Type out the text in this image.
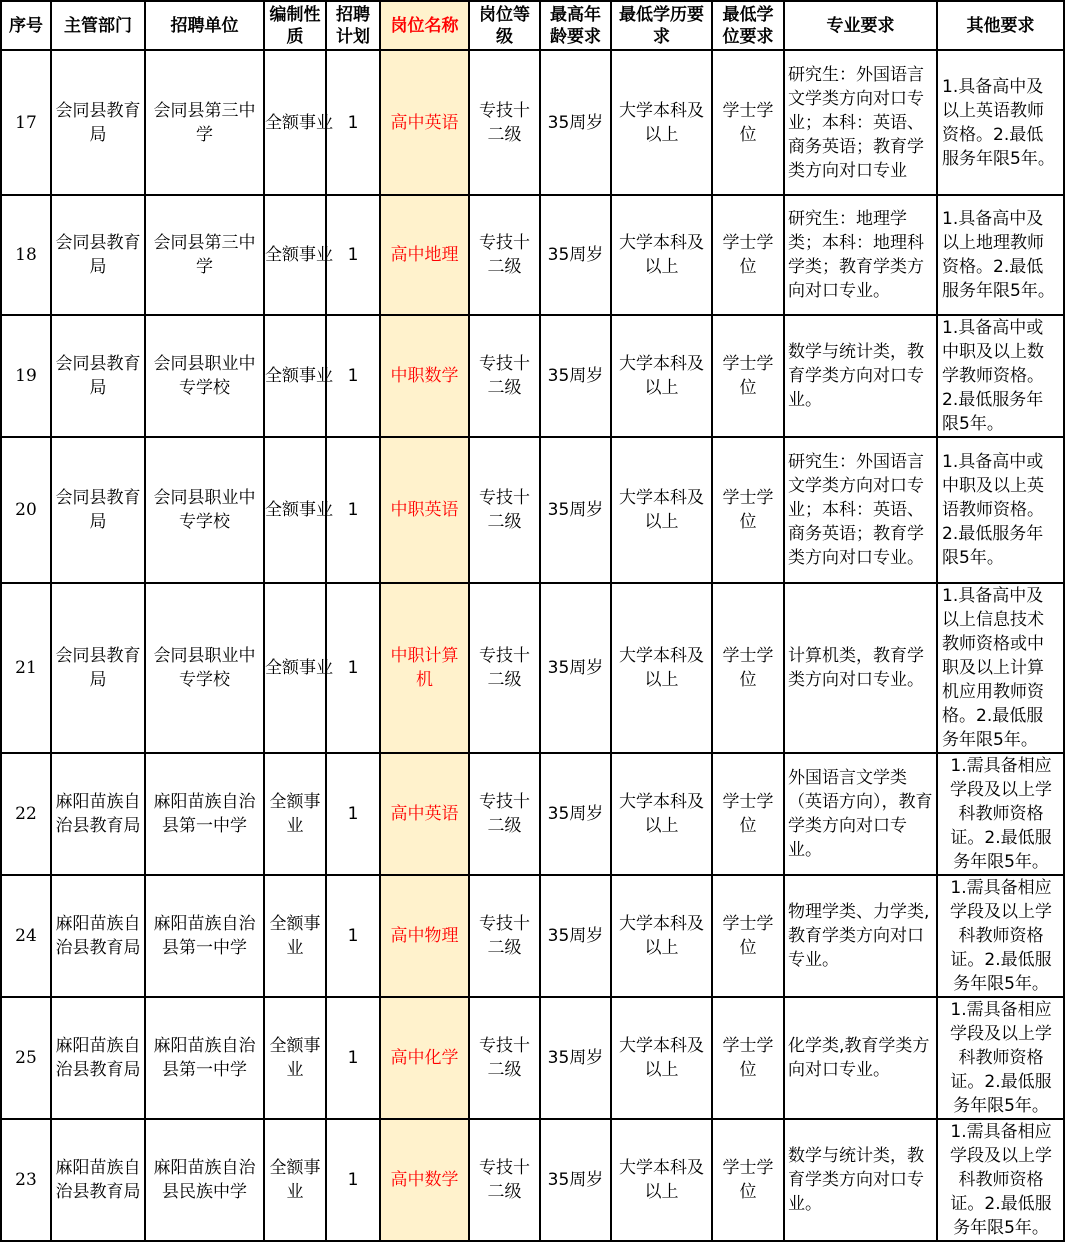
序号	主管部门	招聘单位	编制性质	招聘计划	岗位名称	岗位等级	最高年龄要求	最低学历要求	最低学位要求	专业要求	其他要求
17	会同县教育局	会同县第三中学	全额事业	1	高中英语	专技十二级	35周岁	大学本科及以上	学士学位	研究生：外国语言文学类方向对口专业；本科：英语、商务英语；教育学类方向对口专业	1.具备高中及以上英语教师资格。2.最低服务年限5年。
18	会同县教育局	会同县第三中学	全额事业	1	高中地理	专技十二级	35周岁	大学本科及以上	学士学位	研究生：地理学类；本科：地理科学类；教育学类方向对口专业。	1.具备高中及以上地理教师资格。2.最低服务年限5年。
19	会同县教育局	会同县职业中专学校	全额事业	1	中职数学	专技十二级	35周岁	大学本科及以上	学士学位	数学与统计类，教育学类方向对口专业。	1.具备高中或中职及以上数学教师资格。2.最低服务年限5年。
20	会同县教育局	会同县职业中专学校	全额事业	1	中职英语	专技十二级	35周岁	大学本科及以上	学士学位	研究生：外国语言文学类方向对口专业；本科：英语、商务英语；教育学类方向对口专业。	1.具备高中或中职及以上英语教师资格。2.最低服务年限5年。
21	会同县教育局	会同县职业中专学校	全额事业	1	中职计算机	专技十二级	35周岁	大学本科及以上	学士学位	计算机类，教育学类方向对口专业。	1.具备高中及以上信息技术教师资格或中职及以上计算机应用教师资格。2.最低服务年限5年。
22	麻阳苗族自治县教育局	麻阳苗族自治县第一中学	全额事业	1	高中英语	专技十二级	35周岁	大学本科及以上	学士学位	外国语言文学类（英语方向），教育学类方向对口专业。	1.需具备相应学段及以上学科教师资格证。2.最低服务年限5年。
24	麻阳苗族自治县教育局	麻阳苗族自治县第一中学	全额事业	1	高中物理	专技十二级	35周岁	大学本科及以上	学士学位	物理学类、力学类,教育学类方向对口专业。	1.需具备相应学段及以上学科教师资格证。2.最低服务年限5年。
25	麻阳苗族自治县教育局	麻阳苗族自治县第一中学	全额事业	1	高中化学	专技十二级	35周岁	大学本科及以上	学士学位	化学类,教育学类方向对口专业。	1.需具备相应学段及以上学科教师资格证。2.最低服务年限5年。
23	麻阳苗族自治县教育局	麻阳苗族自治县民族中学	全额事业	1	高中数学	专技十二级	35周岁	大学本科及以上	学士学位	数学与统计类，教育学类方向对口专业。	1.需具备相应学段及以上学科教师资格证。2.最低服务年限5年。
